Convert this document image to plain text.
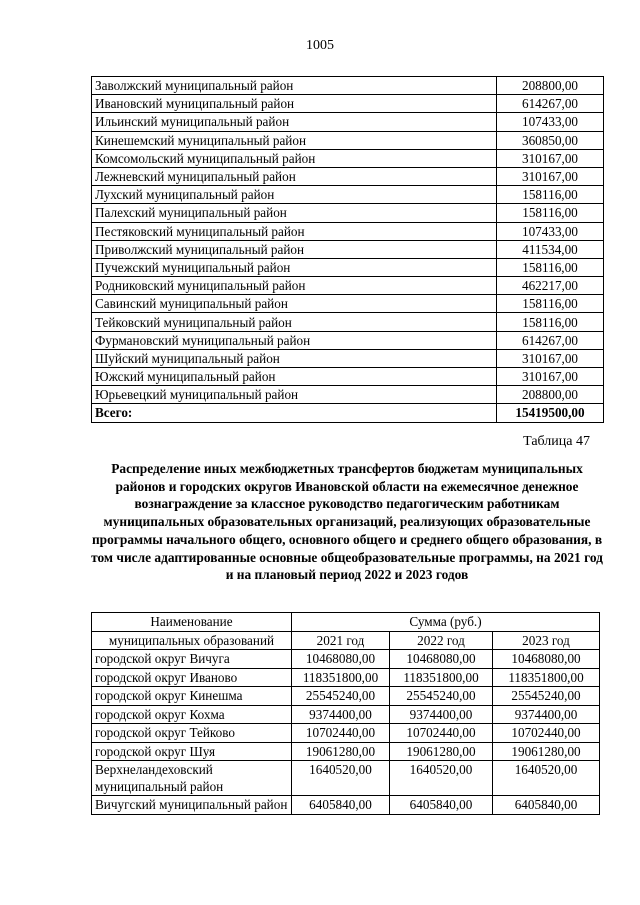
1005
Заволжский муниципальный район	208800,00
Ивановский муниципальный район	614267,00
Ильинский муниципальный район	107433,00
Кинешемский муниципальный район	360850,00
Комсомольский муниципальный район	310167,00
Лежневский муниципальный район	310167,00
Лухский муниципальный район	158116,00
Палехский муниципальный район	158116,00
Пестяковский муниципальный район	107433,00
Приволжский муниципальный район	411534,00
Пучежский муниципальный район	158116,00
Родниковский муниципальный район	462217,00
Савинский муниципальный район	158116,00
Тейковский муниципальный район	158116,00
Фурмановский муниципальный район	614267,00
Шуйский муниципальный район	310167,00
Южский муниципальный район	310167,00
Юрьевецкий муниципальный район	208800,00
Всего:	15419500,00
Таблица 47
Распределение иных межбюджетных трансфертов бюджетам муниципальных районов и городских округов Ивановской области на ежемесячное денежное вознаграждение за классное руководство педагогическим работникам муниципальных образовательных организаций, реализующих образовательные программы начального общего, основного общего и среднего общего образования, в том числе адаптированные основные общеобразовательные программы, на 2021 год и на плановый период 2022 и 2023 годов
Наименование	Сумма (руб.)		
муниципальных образований	2021 год	2022 год	2023 год
городской округ Вичуга	10468080,00	10468080,00	10468080,00
городской округ Иваново	118351800,00	118351800,00	118351800,00
городской округ Кинешма	25545240,00	25545240,00	25545240,00
городской округ Кохма	9374400,00	9374400,00	9374400,00
городской округ Тейково	10702440,00	10702440,00	10702440,00
городской округ Шуя	19061280,00	19061280,00	19061280,00
Верхнеландеховский муниципальный район	1640520,00	1640520,00	1640520,00
Вичугский муниципальный район	6405840,00	6405840,00	6405840,00
